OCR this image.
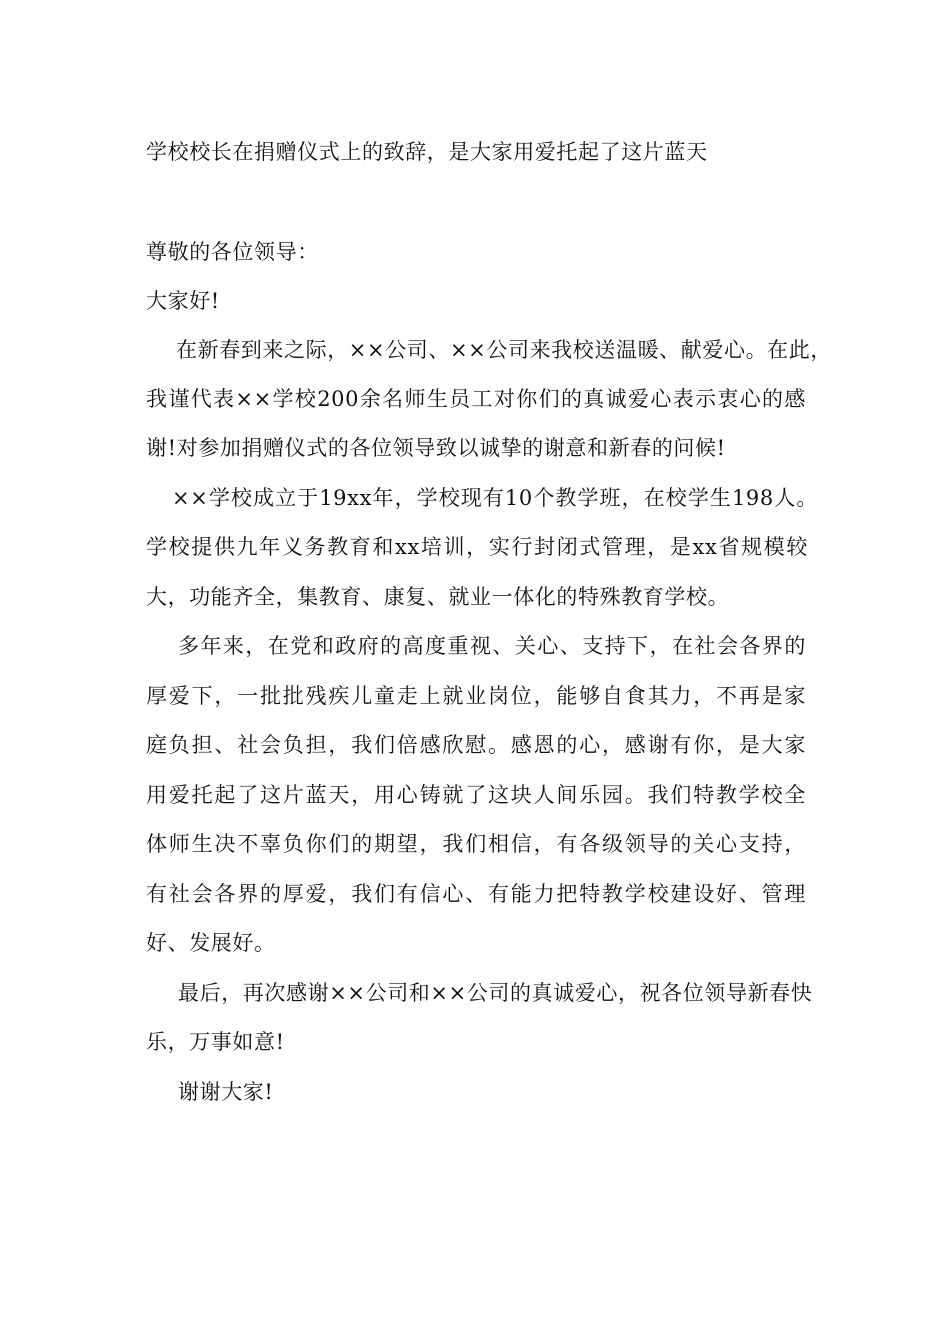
学校校长在捐赠仪式上的致辞，是大家用爱托起了这片蓝天
尊敬的各位领导：
大家好!
在新春到来之际，××公司、××公司来我校送温暖、献爱心。在此，
我谨代表××学校200余名师生员工对你们的真诚爱心表示衷心的感
谢!对参加捐赠仪式的各位领导致以诚挚的谢意和新春的问候!
××学校成立于19xx年，学校现有10个教学班，在校学生198人。
学校提供九年义务教育和xx培训，实行封闭式管理，是xx省规模较
大，功能齐全，集教育、康复、就业一体化的特殊教育学校。
多年来，在党和政府的高度重视、关心、支持下，在社会各界的
厚爱下，一批批残疾儿童走上就业岗位，能够自食其力，不再是家
庭负担、社会负担，我们倍感欣慰。感恩的心，感谢有你，是大家
用爱托起了这片蓝天，用心铸就了这块人间乐园。我们特教学校全
体师生决不辜负你们的期望，我们相信，有各级领导的关心支持，
有社会各界的厚爱，我们有信心、有能力把特教学校建设好、管理
好、发展好。
最后，再次感谢××公司和××公司的真诚爱心，祝各位领导新春快
乐，万事如意!
谢谢大家!
